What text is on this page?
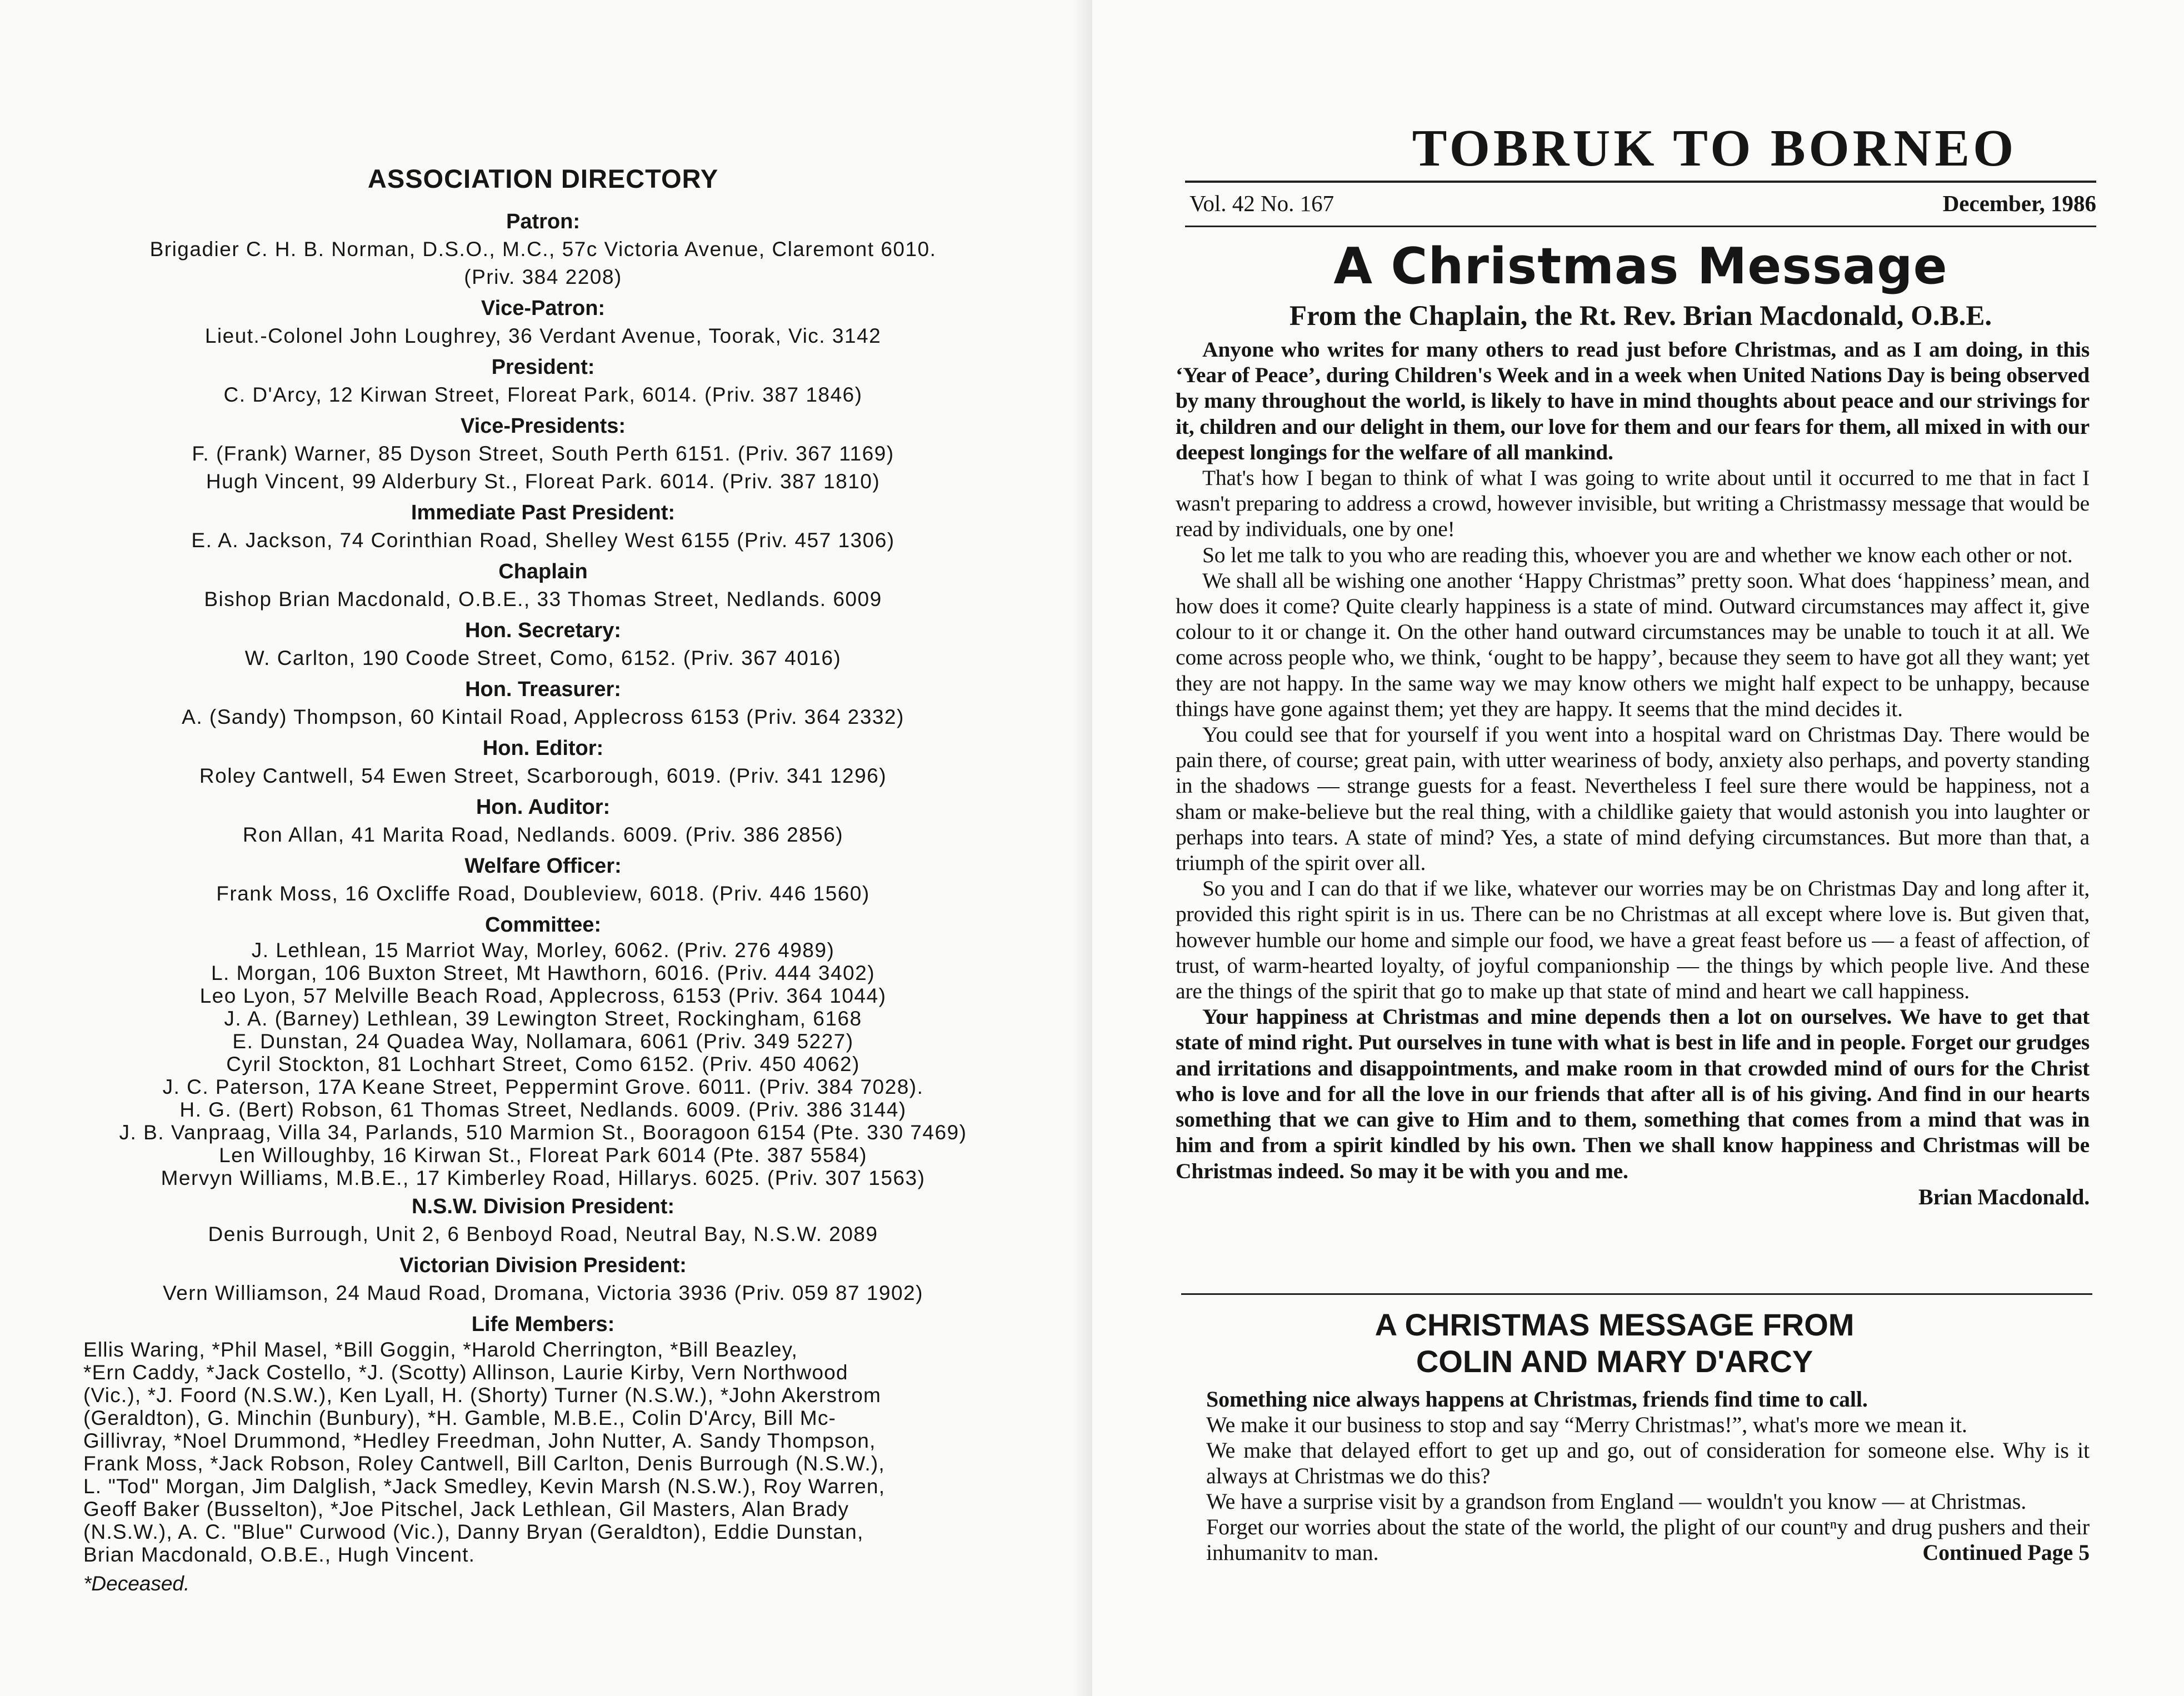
ASSOCIATION DIRECTORY
Patron:
Brigadier C. H. B. Norman, D.S.O., M.C., 57c Victoria Avenue, Claremont 6010.
(Priv. 384 2208)
Vice-Patron:
Lieut.-Colonel John Loughrey, 36 Verdant Avenue, Toorak, Vic. 3142
President:
C. D'Arcy, 12 Kirwan Street, Floreat Park, 6014. (Priv. 387 1846)
Vice-Presidents:
F. (Frank) Warner, 85 Dyson Street, South Perth 6151. (Priv. 367 1169)
Hugh Vincent, 99 Alderbury St., Floreat Park. 6014. (Priv. 387 1810)
Immediate Past President:
E. A. Jackson, 74 Corinthian Road, Shelley West 6155 (Priv. 457 1306)
Chaplain
Bishop Brian Macdonald, O.B.E., 33 Thomas Street, Nedlands. 6009
Hon. Secretary:
W. Carlton, 190 Coode Street, Como, 6152. (Priv. 367 4016)
Hon. Treasurer:
A. (Sandy) Thompson, 60 Kintail Road, Applecross 6153 (Priv. 364 2332)
Hon. Editor:
Roley Cantwell, 54 Ewen Street, Scarborough, 6019. (Priv. 341 1296)
Hon. Auditor:
Ron Allan, 41 Marita Road, Nedlands. 6009. (Priv. 386 2856)
Welfare Officer:
Frank Moss, 16 Oxcliffe Road, Doubleview, 6018. (Priv. 446 1560)
Committee:
J. Lethlean, 15 Marriot Way, Morley, 6062. (Priv. 276 4989)
L. Morgan, 106 Buxton Street, Mt Hawthorn, 6016. (Priv. 444 3402)
Leo Lyon, 57 Melville Beach Road, Applecross, 6153 (Priv. 364 1044)
J. A. (Barney) Lethlean, 39 Lewington Street, Rockingham, 6168
E. Dunstan, 24 Quadea Way, Nollamara, 6061 (Priv. 349 5227)
Cyril Stockton, 81 Lochhart Street, Como 6152. (Priv. 450 4062)
J. C. Paterson, 17A Keane Street, Peppermint Grove. 6011. (Priv. 384 7028).
H. G. (Bert) Robson, 61 Thomas Street, Nedlands. 6009. (Priv. 386 3144)
J. B. Vanpraag, Villa 34, Parlands, 510 Marmion St., Booragoon 6154 (Pte. 330 7469)
Len Willoughby, 16 Kirwan St., Floreat Park 6014 (Pte. 387 5584)
Mervyn Williams, M.B.E., 17 Kimberley Road, Hillarys. 6025. (Priv. 307 1563)
N.S.W. Division President:
Denis Burrough, Unit 2, 6 Benboyd Road, Neutral Bay, N.S.W. 2089
Victorian Division President:
Vern Williamson, 24 Maud Road, Dromana, Victoria 3936 (Priv. 059 87 1902)
Life Members:
Ellis Waring, *Phil Masel, *Bill Goggin, *Harold Cherrington, *Bill Beazley,
*Ern Caddy, *Jack Costello, *J. (Scotty) Allinson, Laurie Kirby, Vern Northwood
(Vic.), *J. Foord (N.S.W.), Ken Lyall, H. (Shorty) Turner (N.S.W.), *John Akerstrom
(Geraldton), G. Minchin (Bunbury), *H. Gamble, M.B.E., Colin D'Arcy, Bill Mc-
Gillivray, *Noel Drummond, *Hedley Freedman, John Nutter, A. Sandy Thompson,
Frank Moss, *Jack Robson, Roley Cantwell, Bill Carlton, Denis Burrough (N.S.W.),
L. "Tod" Morgan, Jim Dalglish, *Jack Smedley, Kevin Marsh (N.S.W.), Roy Warren,
Geoff Baker (Busselton), *Joe Pitschel, Jack Lethlean, Gil Masters, Alan Brady
(N.S.W.), A. C. "Blue" Curwood (Vic.), Danny Bryan (Geraldton), Eddie Dunstan,
Brian Macdonald, O.B.E., Hugh Vincent.
*Deceased.
TOBRUK TO BORNEO
Vol. 42 No. 167	December, 1986
A Christmas Message
From the Chaplain, the Rt. Rev. Brian Macdonald, O.B.E.

Anyone who writes for many others to read just before Christmas, and as I am doing, in this ‘Year of Peace’, during Children's Week and in a week when United Nations Day is being observed by many throughout the world, is likely to have in mind thoughts about peace and our strivings for it, children and our delight in them, our love for them and our fears for them, all mixed in with our deepest longings for the welfare of all mankind.

That's how I began to think of what I was going to write about until it occurred to me that in fact I wasn't preparing to address a crowd, however invisible, but writing a Christmassy message that would be read by individuals, one by one!

So let me talk to you who are reading this, whoever you are and whether we know each other or not.

We shall all be wishing one another ‘Happy Christmas” pretty soon. What does ‘happiness’ mean, and how does it come? Quite clearly happiness is a state of mind. Outward circumstances may affect it, give colour to it or change it. On the other hand outward circumstances may be unable to touch it at all. We come across people who, we think, ‘ought to be happy’, because they seem to have got all they want; yet they are not happy. In the same way we may know others we might half expect to be unhappy, because things have gone against them; yet they are happy. It seems that the mind decides it.

You could see that for yourself if you went into a hospital ward on Christmas Day. There would be pain there, of course; great pain, with utter weariness of body, anxiety also perhaps, and poverty standing in the shadows — strange guests for a feast. Nevertheless I feel sure there would be happiness, not a sham or make-believe but the real thing, with a childlike gaiety that would astonish you into laughter or perhaps into tears. A state of mind? Yes, a state of mind defying circumstances. But more than that, a triumph of the spirit over all.

So you and I can do that if we like, whatever our worries may be on Christmas Day and long after it, provided this right spirit is in us. There can be no Christmas at all except where love is. But given that, however humble our home and simple our food, we have a great feast before us — a feast of affection, of trust, of warm-hearted loyalty, of joyful companionship — the things by which people live. And these are the things of the spirit that go to make up that state of mind and heart we call happiness.

Your happiness at Christmas and mine depends then a lot on ourselves. We have to get that state of mind right. Put ourselves in tune with what is best in life and in people. Forget our grudges and irritations and disappointments, and make room in that crowded mind of ours for the Christ who is love and for all the love in our friends that after all is of his giving. And find in our hearts something that we can give to Him and to them, something that comes from a mind that was in him and from a spirit kindled by his own. Then we shall know happiness and Christmas will be Christmas indeed. So may it be with you and me.

Brian Macdonald.
A CHRISTMAS MESSAGE FROM
COLIN AND MARY D'ARCY

Something nice always happens at Christmas, friends find time to call.

We make it our business to stop and say “Merry Christmas!”, what's more we mean it.

We make that delayed effort to get up and go, out of consideration for someone else. Why is it always at Christmas we do this?

We have a surprise visit by a grandson from England — wouldn't you know — at Christmas.

Forget our worries about the state of the world, the plight of our countⁿy and drug pushers and their inhumanitv to man.	Continued Page 5
